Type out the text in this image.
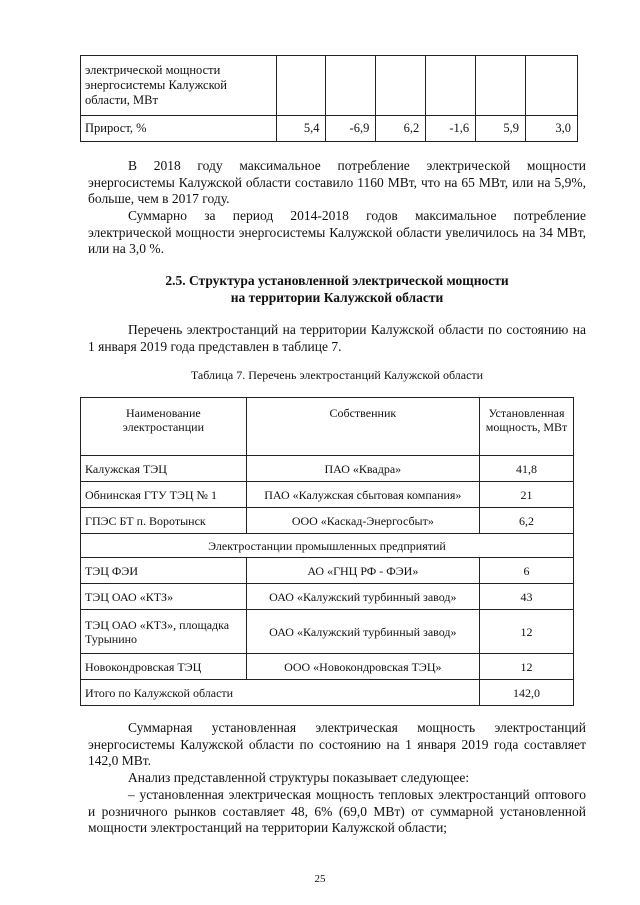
электрической мощности энергосистемы Калужской области, МВт						
Прирост, %	5,4	-6,9	6,2	-1,6	5,9	3,0

В 2018 году максимальное потребление электрической мощности энергосистемы Калужской области составило 1160 МВт, что на 65 МВт, или на 5,9%, больше, чем в 2017 году.

Суммарно за период 2014-2018 годов максимальное потребление электрической мощности энергосистемы Калужской области увеличилось на 34 МВт, или на 3,0 %.

2.5. Структура установленной электрической мощности

на территории Калужской области

Перечень электростанций на территории Калужской области по состоянию на 1 января 2019 года представлен в таблице 7.

Таблица 7. Перечень электростанций Калужской области

Наименование электростанции	Собственник	Установленная мощность, МВт
Калужская ТЭЦ	ПАО «Квадра»	41,8
Обнинская ГТУ ТЭЦ № 1	ПАО «Калужская сбытовая компания»	21
ГПЭС БТ п. Воротынск	ООО «Каскад-Энергосбыт»	6,2
Электростанции промышленных предприятий		
ТЭЦ ФЭИ	АО «ГНЦ РФ - ФЭИ»	6
ТЭЦ ОАО «КТЗ»	ОАО «Калужский турбинный завод»	43
ТЭЦ ОАО «КТЗ», площадка Турынино	ОАО «Калужский турбинный завод»	12
Новокондровская ТЭЦ	ООО «Новокондровская ТЭЦ»	12
Итого по Калужской области		142,0

Суммарная установленная электрическая мощность электростанций энергосистемы Калужской области по состоянию на 1 января 2019 года составляет 142,0 МВт.

Анализ представленной структуры показывает следующее:

– установленная электрическая мощность тепловых электростанций оптового и розничного рынков составляет 48, 6% (69,0 МВт) от суммарной установленной мощности электростанций на территории Калужской области;

25
